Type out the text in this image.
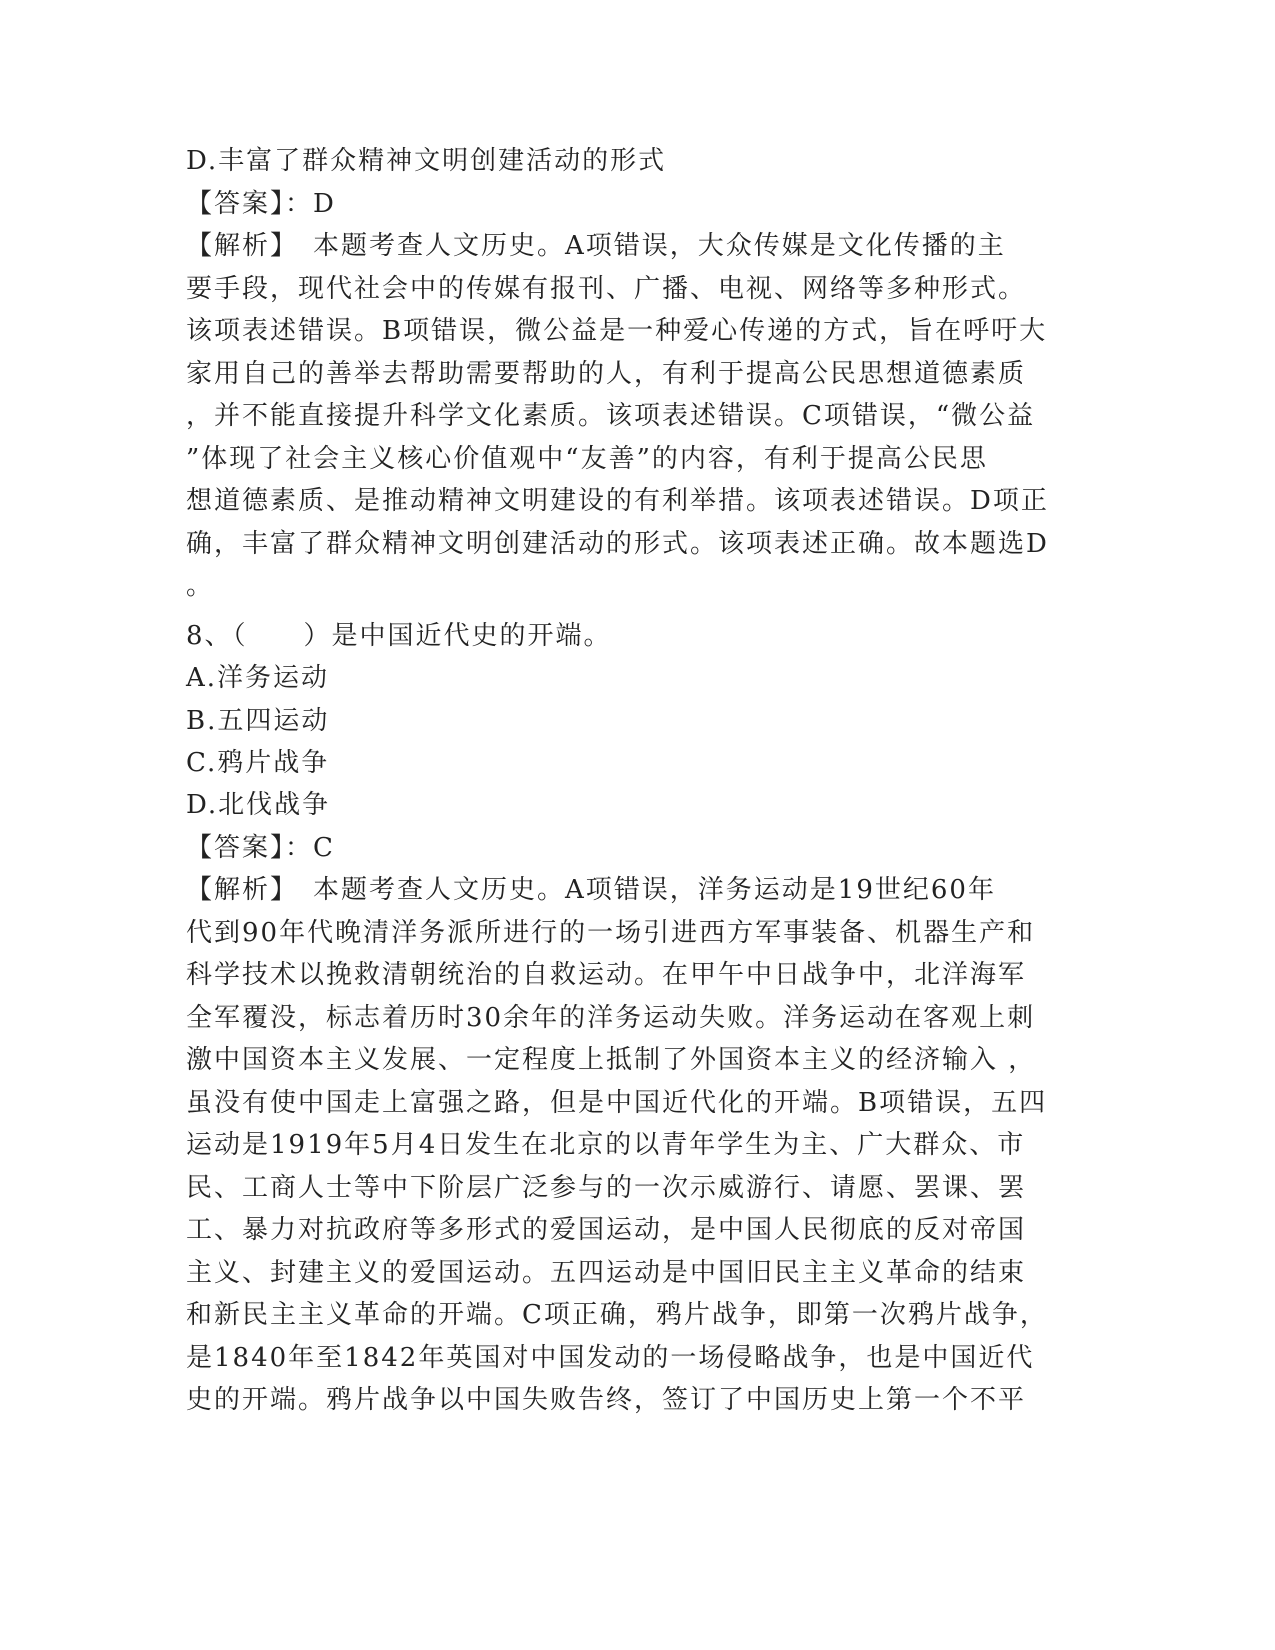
D.丰富了群众精神文明创建活动的形式
【答案】：D
【解析】　本题考查人文历史。A项错误，大众传媒是文化传播的主
要手段，现代社会中的传媒有报刊、广播、电视、网络等多种形式。
该项表述错误。B项错误，微公益是一种爱心传递的方式，旨在呼吁大
家用自己的善举去帮助需要帮助的人，有利于提高公民思想道德素质
，并不能直接提升科学文化素质。该项表述错误。C项错误，“微公益
”体现了社会主义核心价值观中“友善”的内容，有利于提高公民思
想道德素质、是推动精神文明建设的有利举措。该项表述错误。D项正
确，丰富了群众精神文明创建活动的形式。该项表述正确。故本题选D
。
8、（　　）是中国近代史的开端。
A.洋务运动
B.五四运动
C.鸦片战争
D.北伐战争
【答案】：C
【解析】　本题考查人文历史。A项错误，洋务运动是19世纪60年
代到90年代晚清洋务派所进行的一场引进西方军事装备、机器生产和
科学技术以挽救清朝统治的自救运动。在甲午中日战争中，北洋海军
全军覆没，标志着历时30余年的洋务运动失败。洋务运动在客观上刺
激中国资本主义发展、一定程度上抵制了外国资本主义的经济输入 ，
虽没有使中国走上富强之路，但是中国近代化的开端。B项错误，五四
运动是1919年5月4日发生在北京的以青年学生为主、广大群众、市
民、工商人士等中下阶层广泛参与的一次示威游行、请愿、罢课、罢
工、暴力对抗政府等多形式的爱国运动，是中国人民彻底的反对帝国
主义、封建主义的爱国运动。五四运动是中国旧民主主义革命的结束
和新民主主义革命的开端。C项正确，鸦片战争，即第一次鸦片战争，
是1840年至1842年英国对中国发动的一场侵略战争，也是中国近代
史的开端。鸦片战争以中国失败告终，签订了中国历史上第一个不平
